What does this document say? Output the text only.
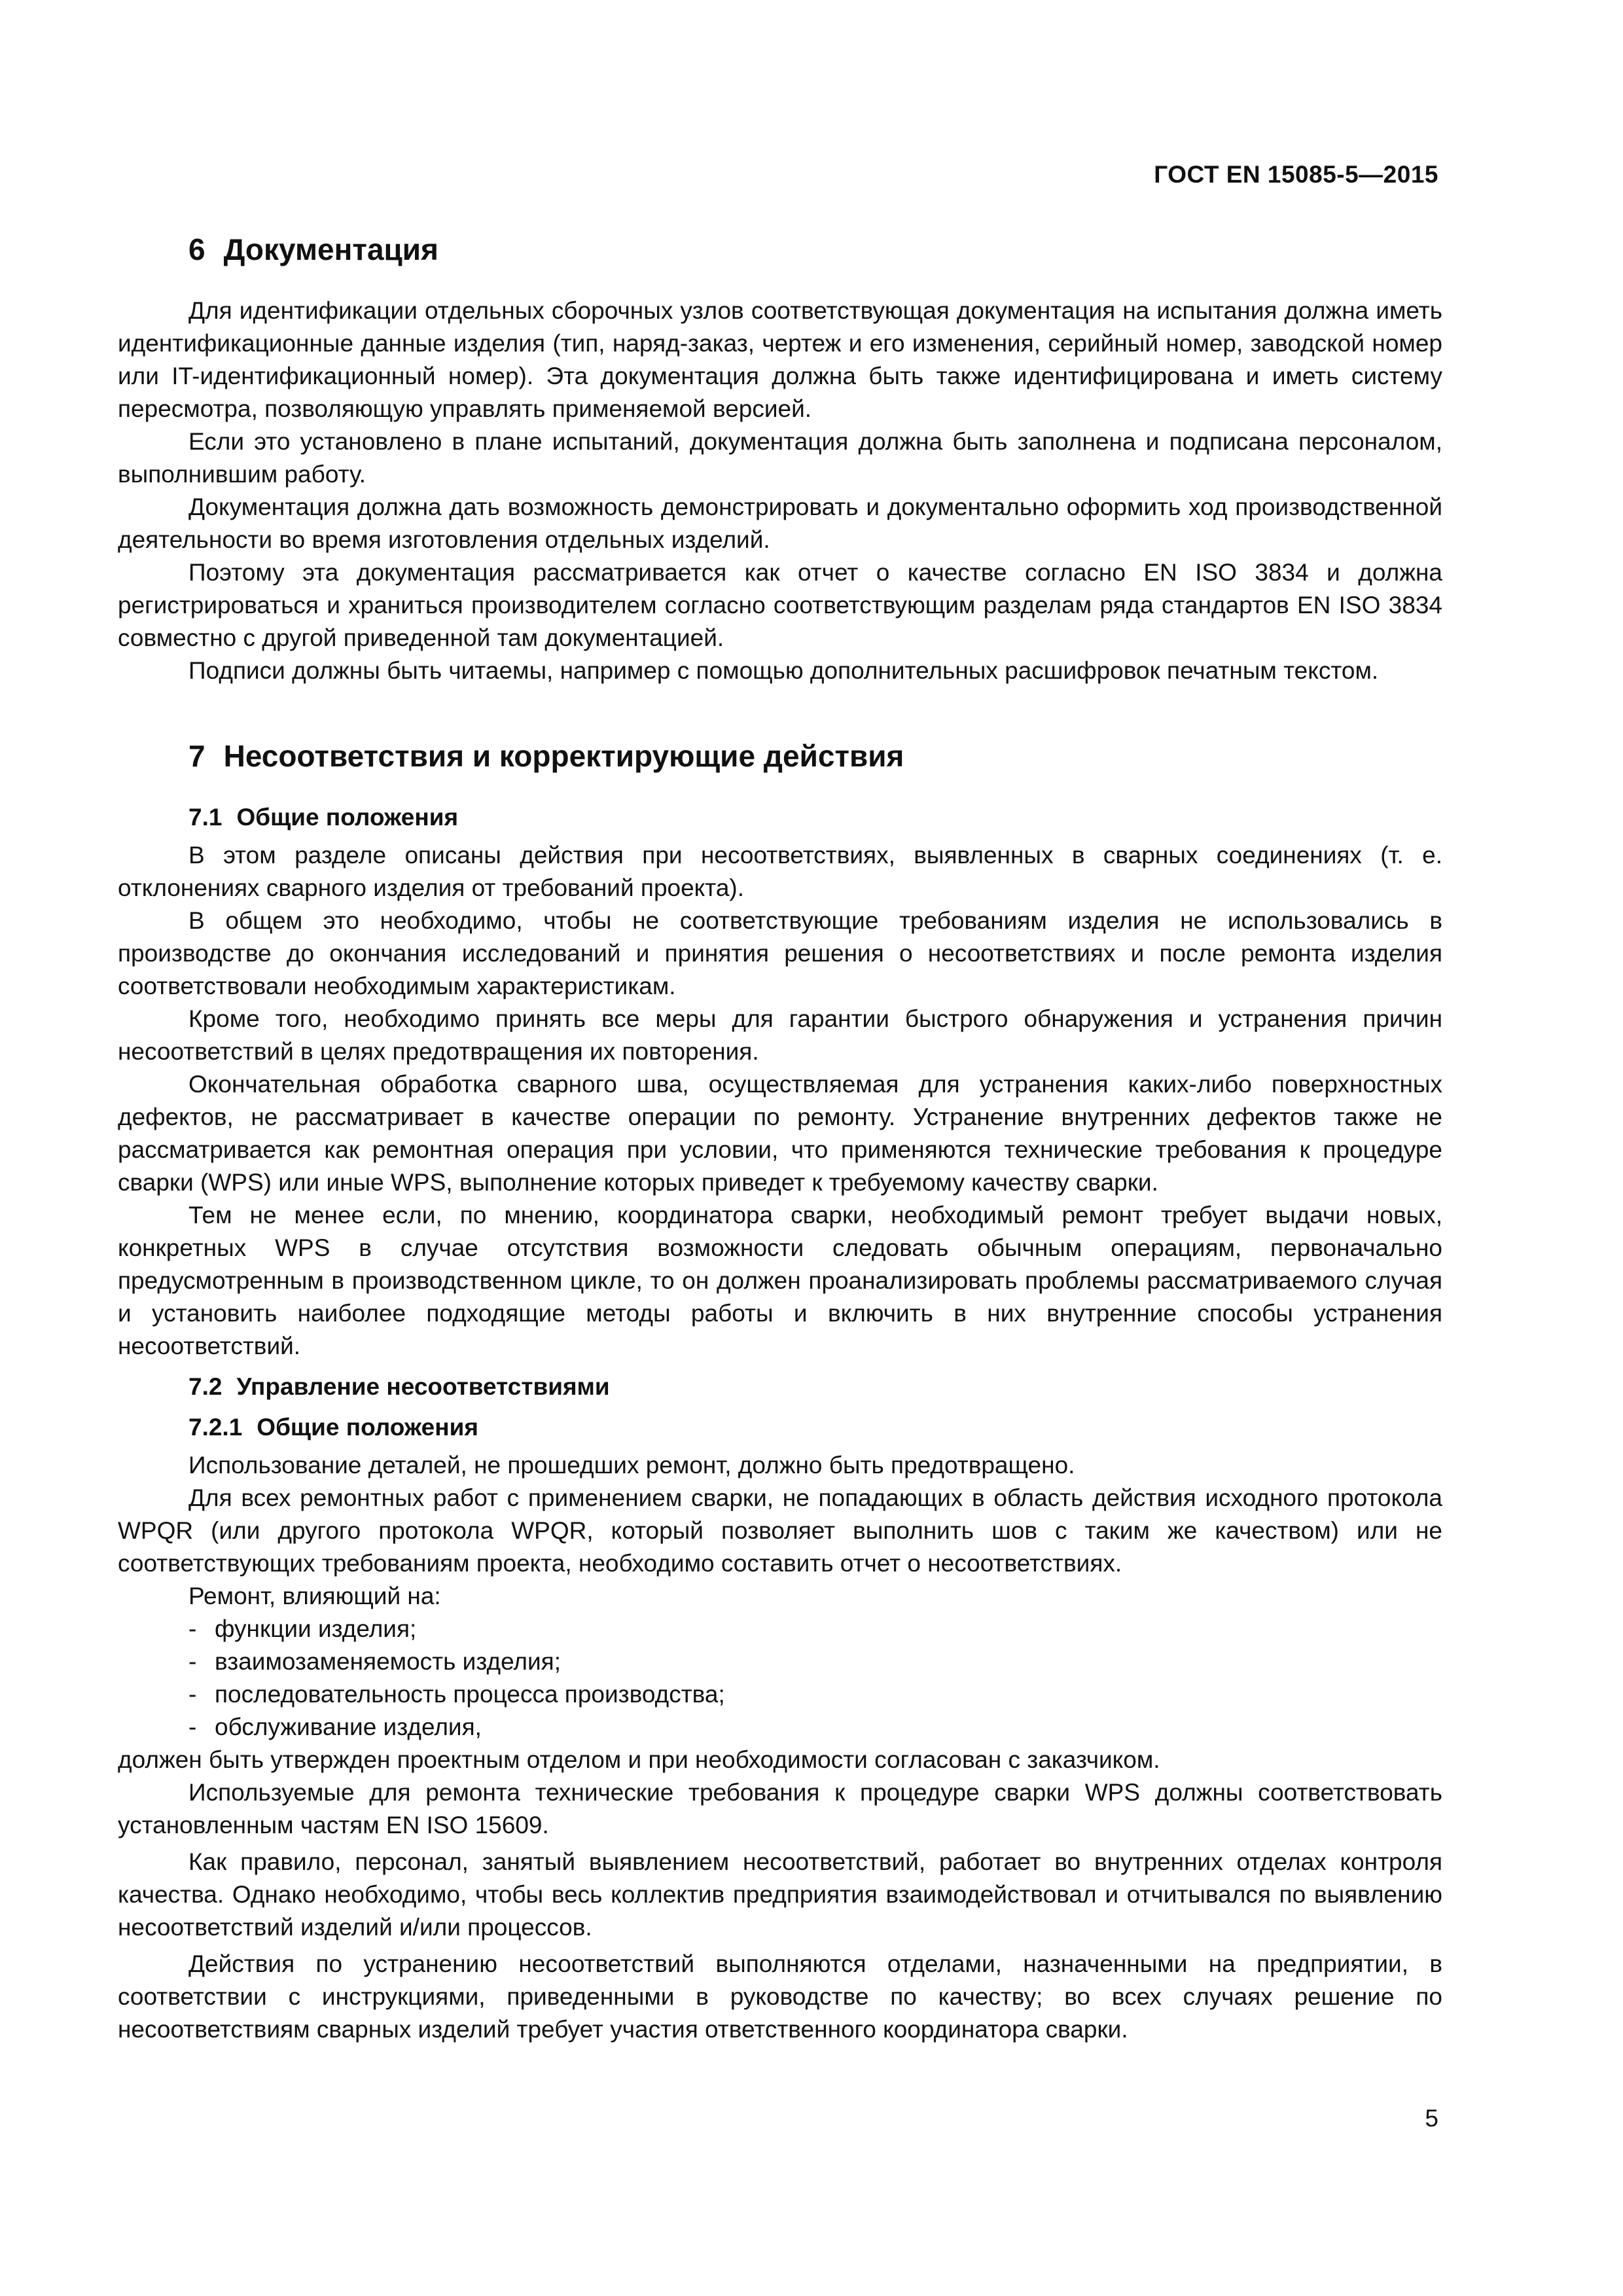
ГОСТ EN 15085-5—2015
6 Документация

Для идентификации отдельных сборочных узлов соответствующая документация на испытания должна иметь идентификационные данные изделия (тип, наряд-заказ, чертеж и его изменения, серийный номер, заводской номер или IT-идентификационный номер). Эта документация должна быть также идентифицирована и иметь систему пересмотра, позволяющую управлять применяемой версией.

Если это установлено в плане испытаний, документация должна быть заполнена и подписана персоналом, выполнившим работу.

Документация должна дать возможность демонстрировать и документально оформить ход производственной деятельности во время изготовления отдельных изделий.

Поэтому эта документация рассматривается как отчет о качестве согласно EN ISO 3834 и должна регистрироваться и храниться производителем согласно соответствующим разделам ряда стандартов EN ISO 3834 совместно с другой приведенной там документацией.

Подписи должны быть читаемы, например с помощью дополнительных расшифровок печатным текстом.

7 Несоответствия и корректирующие действия
7.1 Общие положения

В этом разделе описаны действия при несоответствиях, выявленных в сварных соединениях (т. е. отклонениях сварного изделия от требований проекта).

В общем это необходимо, чтобы не соответствующие требованиям изделия не использовались в производстве до окончания исследований и принятия решения о несоответствиях и после ремонта изделия соответствовали необходимым характеристикам.

Кроме того, необходимо принять все меры для гарантии быстрого обнаружения и устранения причин несоответствий в целях предотвращения их повторения.

Окончательная обработка сварного шва, осуществляемая для устранения каких-либо поверхностных дефектов, не рассматривает в качестве операции по ремонту. Устранение внутренних дефектов также не рассматривается как ремонтная операция при условии, что применяются технические требования к процедуре сварки (WPS) или иные WPS, выполнение которых приведет к требуемому качеству сварки.

Тем не менее если, по мнению, координатора сварки, необходимый ремонт требует выдачи новых, конкретных WPS в случае отсутствия возможности следовать обычным операциям, первоначально предусмотренным в производственном цикле, то он должен проанализировать проблемы рассматриваемого случая и установить наиболее подходящие методы работы и включить в них внутренние способы устранения несоответствий.

7.2 Управление несоответствиями
7.2.1 Общие положения

Использование деталей, не прошедших ремонт, должно быть предотвращено.

Для всех ремонтных работ с применением сварки, не попадающих в область действия исходного протокола WPQR (или другого протокола WPQR, который позволяет выполнить шов с таким же качеством) или не соответствующих требованиям проекта, необходимо составить отчет о несоответствиях.

Ремонт, влияющий на:

- функции изделия;
- взаимозаменяемость изделия;
- последовательность процесса производства;
- обслуживание изделия,

должен быть утвержден проектным отделом и при необходимости согласован с заказчиком.

Используемые для ремонта технические требования к процедуре сварки WPS должны соответствовать установленным частям EN ISO 15609.

Как правило, персонал, занятый выявлением несоответствий, работает во внутренних отделах контроля качества. Однако необходимо, чтобы весь коллектив предприятия взаимодействовал и отчитывался по выявлению несоответствий изделий и/или процессов.

Действия по устранению несоответствий выполняются отделами, назначенными на предприятии, в соответствии с инструкциями, приведенными в руководстве по качеству; во всех случаях решение по несоответствиям сварных изделий требует участия ответственного координатора сварки.

5
